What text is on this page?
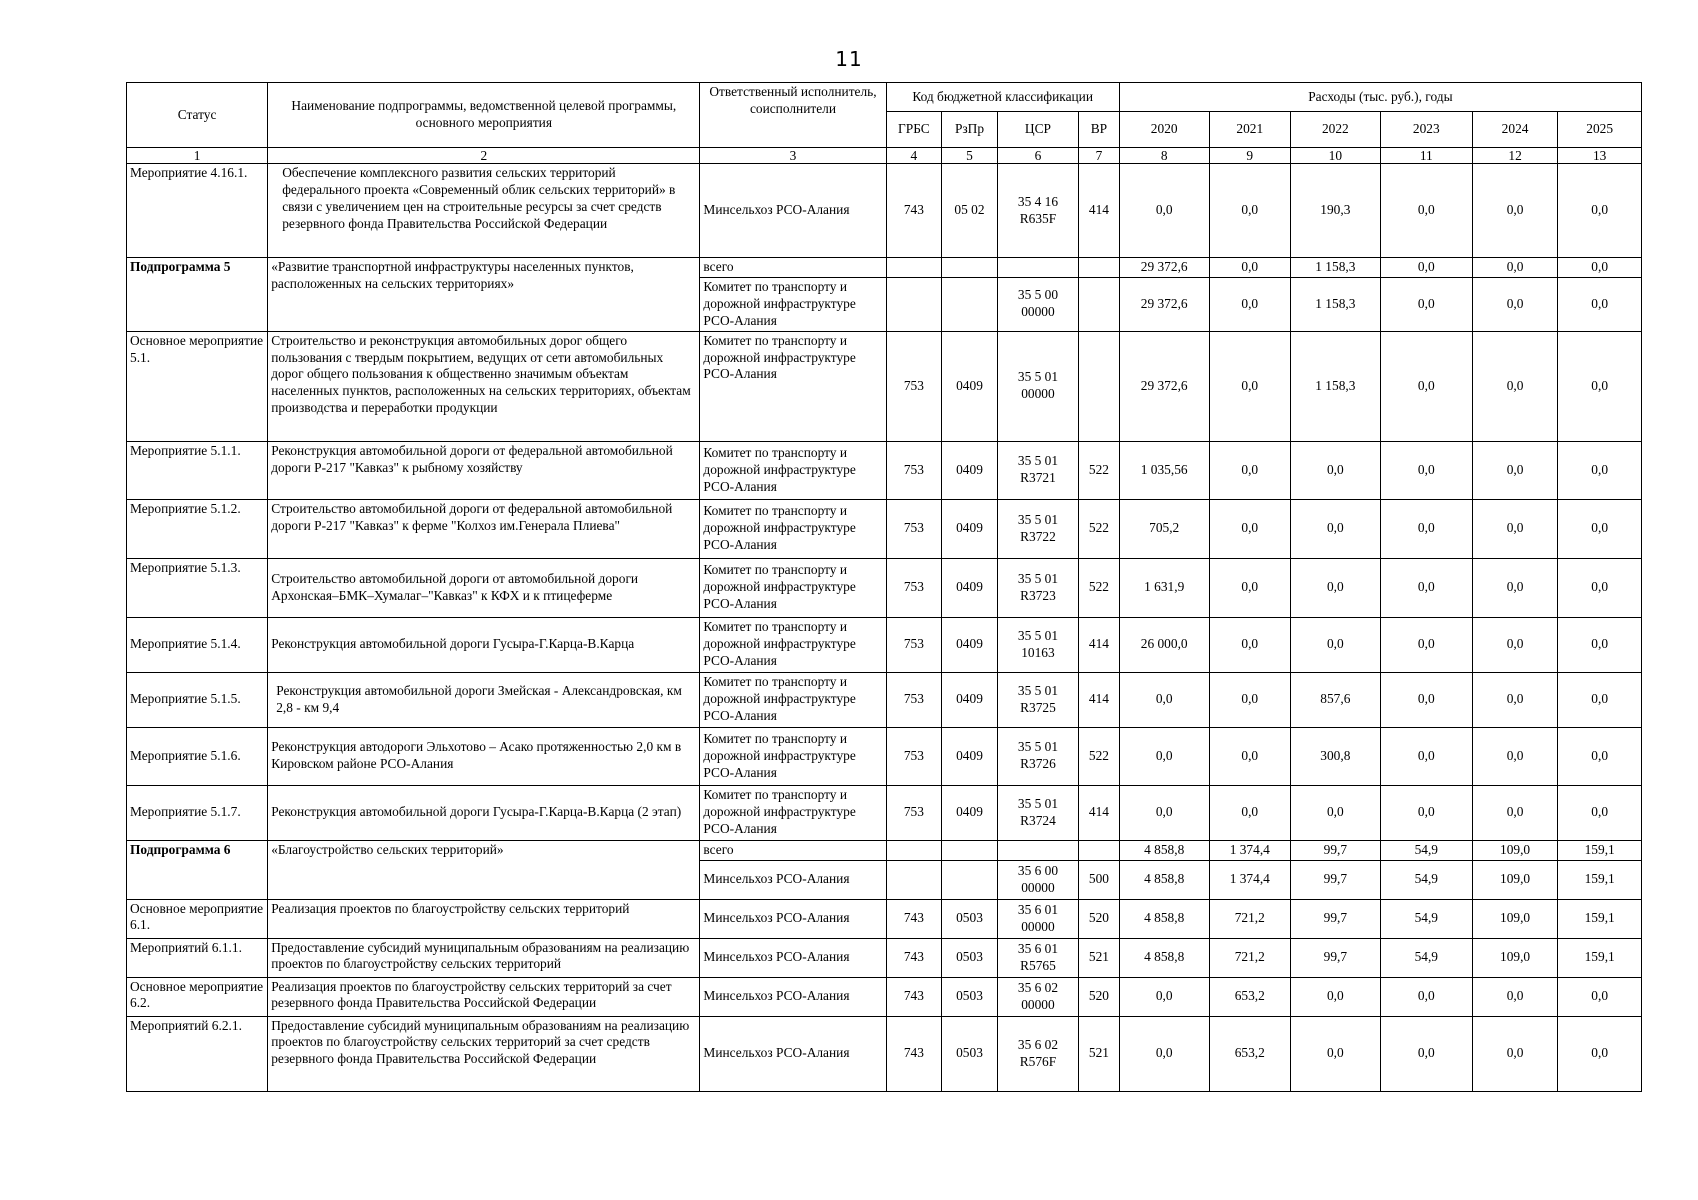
11
Статус	Наименование подпрограммы, ведомственной целевой программы, основного мероприятия	Ответственный исполнитель, соисполнители	Код бюджетной классификации				Расходы (тыс. руб.), годы					
			ГРБС	РзПр	ЦСР	ВР	2020	2021	2022	2023	2024	2025
1	2	3	4	5	6	7	8	9	10	11	12	13
Мероприятие 4.16.1.	Обеспечение комплексного развития сельских территорий федерального проекта «Современный облик сельских территорий» в связи с увеличением цен на строительные ресурсы за счет средств резервного фонда Правительства Российской Федерации	Минсельхоз РСО-Алания	743	05 02	35 4 16 R635F	414	0,0	0,0	190,3	0,0	0,0	0,0
Подпрограмма 5	«Развитие транспортной инфраструктуры населенных пунктов, расположенных на сельских территориях»	всего					29 372,6	0,0	1 158,3	0,0	0,0	0,0
		Комитет по транспорту и дорожной инфраструктуре РСО-Алания			35 5 00 00000		29 372,6	0,0	1 158,3	0,0	0,0	0,0
Основное мероприятие 5.1.	Строительство и реконструкция автомобильных дорог общего пользования с твердым покрытием, ведущих от сети автомобильных дорог общего пользования к общественно значимым объектам населенных пунктов, расположенных на сельских территориях, объектам производства и переработки продукции	Комитет по транспорту и дорожной инфраструктуре РСО-Алания	753	0409	35 5 01 00000		29 372,6	0,0	1 158,3	0,0	0,0	0,0
Мероприятие 5.1.1.	Реконструкция автомобильной дороги от федеральной автомобильной дороги Р-217 "Кавказ" к рыбному хозяйству	Комитет по транспорту и дорожной инфраструктуре РСО-Алания	753	0409	35 5 01 R3721	522	1 035,56	0,0	0,0	0,0	0,0	0,0
Мероприятие 5.1.2.	Строительство автомобильной дороги от федеральной автомобильной дороги Р-217 "Кавказ" к ферме "Колхоз им.Генерала Плиева"	Комитет по транспорту и дорожной инфраструктуре РСО-Алания	753	0409	35 5 01 R3722	522	705,2	0,0	0,0	0,0	0,0	0,0
Мероприятие 5.1.3.	Строительство автомобильной дороги от автомобильной дороги Архонская–БМК–Хумалаг–"Кавказ" к КФХ и к птицеферме	Комитет по транспорту и дорожной инфраструктуре РСО-Алания	753	0409	35 5 01 R3723	522	1 631,9	0,0	0,0	0,0	0,0	0,0
Мероприятие 5.1.4.	Реконструкция автомобильной дороги Гусыра-Г.Карца-В.Карца	Комитет по транспорту и дорожной инфраструктуре РСО-Алания	753	0409	35 5 01 10163	414	26 000,0	0,0	0,0	0,0	0,0	0,0
Мероприятие 5.1.5.	Реконструкция автомобильной дороги Змейская - Александровская, км 2,8 - км 9,4	Комитет по транспорту и дорожной инфраструктуре РСО-Алания	753	0409	35 5 01 R3725	414	0,0	0,0	857,6	0,0	0,0	0,0
Мероприятие 5.1.6.	Реконструкция автодороги Эльхотово – Асако протяженностью 2,0 км в Кировском районе РСО-Алания	Комитет по транспорту и дорожной инфраструктуре РСО-Алания	753	0409	35 5 01 R3726	522	0,0	0,0	300,8	0,0	0,0	0,0
Мероприятие 5.1.7.	Реконструкция автомобильной дороги Гусыра-Г.Карца-В.Карца (2 этап)	Комитет по транспорту и дорожной инфраструктуре РСО-Алания	753	0409	35 5 01 R3724	414	0,0	0,0	0,0	0,0	0,0	0,0
Подпрограмма 6	«Благоустройство сельских территорий»	всего					4 858,8	1 374,4	99,7	54,9	109,0	159,1
		Минсельхоз РСО-Алания			35 6 00 00000	500	4 858,8	1 374,4	99,7	54,9	109,0	159,1
Основное мероприятие 6.1.	Реализация проектов по благоустройству сельских территорий	Минсельхоз РСО-Алания	743	0503	35 6 01 00000	520	4 858,8	721,2	99,7	54,9	109,0	159,1
Мероприятий 6.1.1.	Предоставление субсидий муниципальным образованиям на реализацию проектов по благоустройству сельских территорий	Минсельхоз РСО-Алания	743	0503	35 6 01 R5765	521	4 858,8	721,2	99,7	54,9	109,0	159,1
Основное мероприятие 6.2.	Реализация проектов по благоустройству сельских территорий за счет резервного фонда Правительства Российской Федерации	Минсельхоз РСО-Алания	743	0503	35 6 02 00000	520	0,0	653,2	0,0	0,0	0,0	0,0
Мероприятий 6.2.1.	Предоставление субсидий муниципальным образованиям на реализацию проектов по благоустройству сельских территорий за счет средств резервного фонда Правительства Российской Федерации	Минсельхоз РСО-Алания	743	0503	35 6 02 R576F	521	0,0	653,2	0,0	0,0	0,0	0,0
